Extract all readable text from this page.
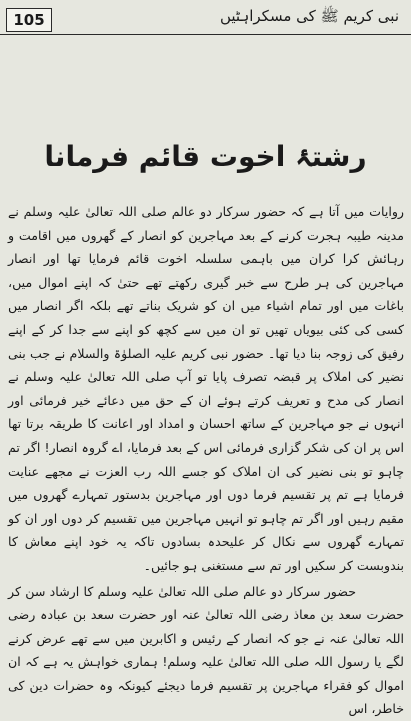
105	نبی کریم ﷺ کی مسکراہٹیں
رشتۂ اخوت قائم فرمانا

روایات میں آتا ہے کہ حضور سرکار دو عالم صلی اللہ تعالیٰ علیہ وسلم نے مدینہ طیبہ ہجرت کرنے کے بعد مہاجرین کو انصار کے گھروں میں اقامت و رہائش کرا کران میں باہمی سلسلہ اخوت قائم فرمایا تھا اور انصار مہاجرین کی ہر طرح سے خبر گیری رکھتے تھے حتیٰ کہ اپنے اموال میں، باغات میں اور تمام اشیاء میں ان کو شریک بناتے تھے بلکہ اگر انصار میں کسی کی کئی بیویاں تھیں تو ان میں سے کچھ کو اپنے سے جدا کر کے اپنے رفیق کی زوجہ بنا دیا تھا۔ حضور نبی کریم علیہ الصلوٰۃ والسلام نے جب بنی نضیر کی املاک پر قبضہ تصرف پایا تو آپ صلی اللہ تعالیٰ علیہ وسلم نے انصار کی مدح و تعریف کرتے ہوئے ان کے حق میں دعائے خیر فرمائی اور انہوں نے جو مہاجرین کے ساتھ احسان و امداد اور اعانت کا طریقہ برتا تھا اس پر ان کی شکر گزاری فرمائی اس کے بعد فرمایا، اے گروہ انصار! اگر تم چاہو تو بنی نضیر کی ان املاک کو جسے اللہ رب العزت نے مجھے عنایت فرمایا ہے تم پر تقسیم فرما دوں اور مہاجرین بدستور تمہارے گھروں میں مقیم رہیں اور اگر تم چاہو تو انہیں مہاجرین میں تقسیم کر دوں اور ان کو تمہارے گھروں سے نکال کر علیحدہ بسادوں تاکہ یہ خود اپنے معاش کا بندوبست کر سکیں اور تم سے مستغنی ہو جائیں۔

حضور سرکار دو عالم صلی اللہ تعالیٰ علیہ وسلم کا ارشاد سن کر حضرت سعد بن معاذ رضی اللہ تعالیٰ عنہ اور حضرت سعد بن عبادہ رضی اللہ تعالیٰ عنہ نے جو کہ انصار کے رئیس و اکابرین میں سے تھے عرض کرنے لگے یا رسول اللہ صلی اللہ تعالیٰ علیہ وسلم! ہماری خواہش یہ ہے کہ ان اموال کو فقراء مہاجرین پر تقسیم فرما دیجئے کیونکہ وہ حضرات دین کی خاطر، اس
